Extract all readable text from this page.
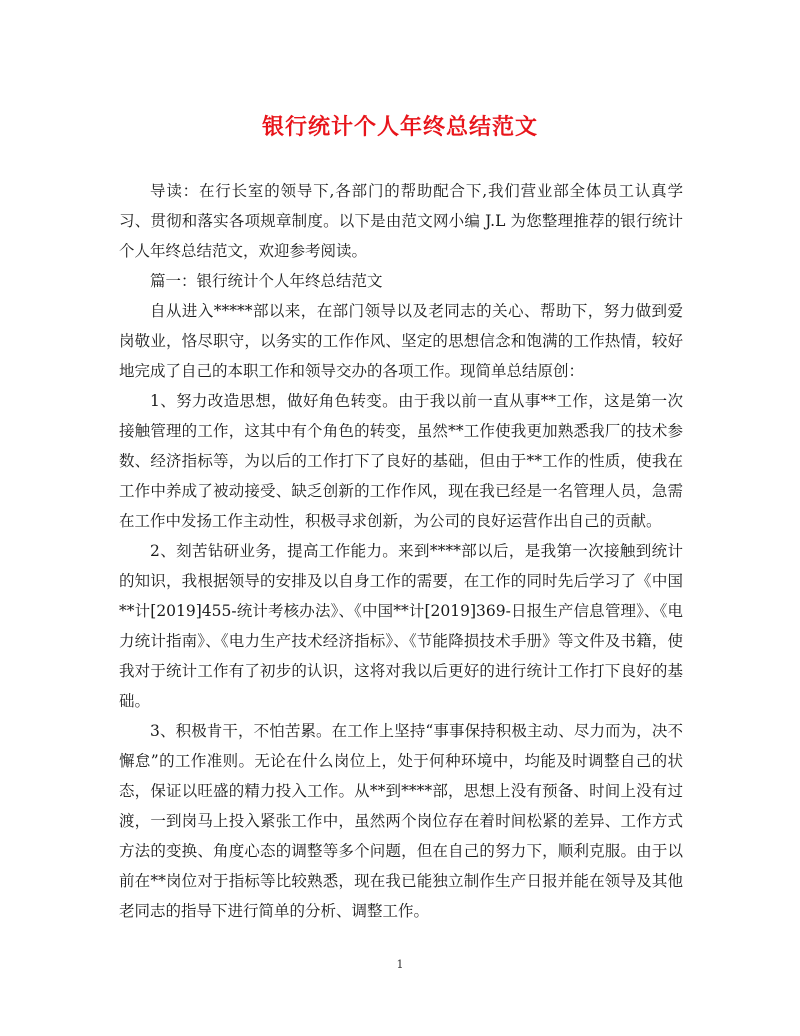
银行统计个人年终总结范文

导读：在行长室的领导下,各部门的帮助配合下,我们营业部全体员工认真学习、贯彻和落实各项规章制度。以下是由范文网小编 J.L 为您整理推荐的银行统计个人年终总结范文，欢迎参考阅读。

篇一：银行统计个人年终总结范文

自从进入*****部以来，在部门领导以及老同志的关心、帮助下，努力做到爱岗敬业，恪尽职守，以务实的工作作风、坚定的思想信念和饱满的工作热情，较好地完成了自己的本职工作和领导交办的各项工作。现简单总结原创：

1、努力改造思想，做好角色转变。由于我以前一直从事**工作，这是第一次接触管理的工作，这其中有个角色的转变，虽然**工作使我更加熟悉我厂的技术参数、经济指标等，为以后的工作打下了良好的基础，但由于**工作的性质，使我在工作中养成了被动接受、缺乏创新的工作作风，现在我已经是一名管理人员，急需在工作中发扬工作主动性，积极寻求创新，为公司的良好运营作出自己的贡献。

2、刻苦钻研业务，提高工作能力。来到****部以后，是我第一次接触到统计的知识，我根据领导的安排及以自身工作的需要，在工作的同时先后学习了《中国**计[2019]455-统计考核办法》、《中国**计[2019]369-日报生产信息管理》、《电力统计指南》、《电力生产技术经济指标》、《节能降损技术手册》等文件及书籍，使我对于统计工作有了初步的认识，这将对我以后更好的进行统计工作打下良好的基础。

3、积极肯干，不怕苦累。在工作上坚持“事事保持积极主动、尽力而为，决不懈怠”的工作准则。无论在什么岗位上，处于何种环境中，均能及时调整自己的状态，保证以旺盛的精力投入工作。从**到****部，思想上没有预备、时间上没有过渡，一到岗马上投入紧张工作中，虽然两个岗位存在着时间松紧的差异、工作方式方法的变换、角度心态的调整等多个问题，但在自己的努力下，顺利克服。由于以前在**岗位对于指标等比较熟悉，现在我已能独立制作生产日报并能在领导及其他老同志的指导下进行简单的分析、调整工作。

1
